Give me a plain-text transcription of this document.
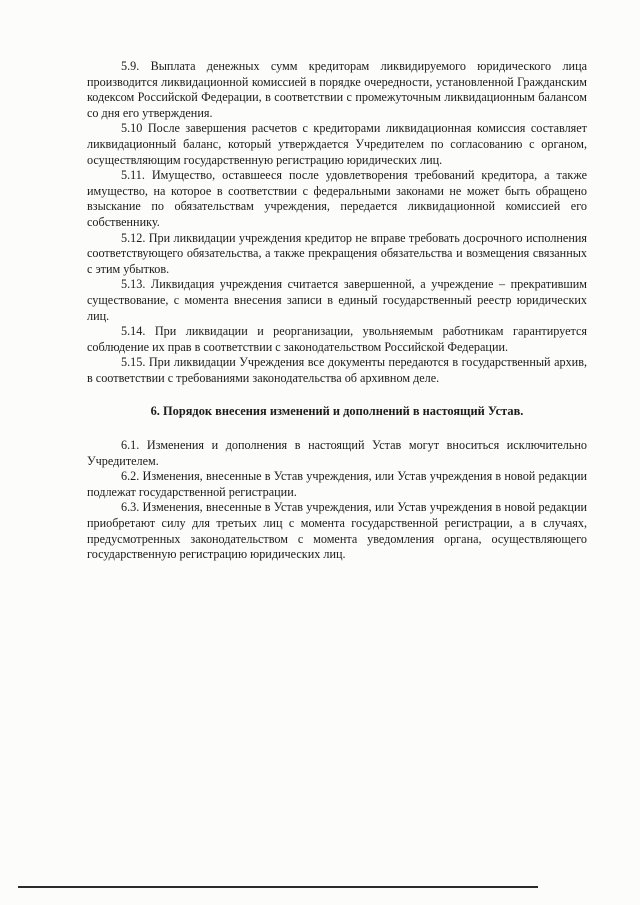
5.9. Выплата денежных сумм кредиторам ликвидируемого юридического лица производится ликвидационной комиссией в порядке очередности, установленной Гражданским кодексом Российской Федерации, в соответствии с промежуточным ликвидационным балансом со дня его утверждения.

5.10 После завершения расчетов с кредиторами ликвидационная комиссия составляет ликвидационный баланс, который утверждается Учредителем по согласованию с органом, осуществляющим государственную регистрацию юридических лиц.

5.11. Имущество, оставшееся после удовлетворения требований кредитора, а также имущество, на которое в соответствии с федеральными законами не может быть обращено взыскание по обязательствам учреждения, передается ликвидационной комиссией его собственнику.

5.12. При ликвидации учреждения кредитор не вправе требовать досрочного исполнения соответствующего обязательства, а также прекращения обязательства и возмещения связанных с этим убытков.

5.13. Ликвидация учреждения считается завершенной, а учреждение – прекратившим существование, с момента внесения записи в единый государственный реестр юридических лиц.

5.14. При ликвидации и реорганизации, увольняемым работникам гарантируется соблюдение их прав в соответствии с законодательством Российской Федерации.

5.15. При ликвидации Учреждения все документы передаются в государственный архив, в соответствии с требованиями законодательства об архивном деле.

6. Порядок внесения изменений и дополнений в настоящий Устав.

6.1. Изменения и дополнения в настоящий Устав могут вноситься исключительно Учредителем.

6.2. Изменения, внесенные в Устав учреждения, или Устав учреждения в новой редакции подлежат государственной регистрации.

6.3. Изменения, внесенные в Устав учреждения, или Устав учреждения в новой редакции приобретают силу для третьих лиц с момента государственной регистрации, а в случаях, предусмотренных законодательством с момента уведомления органа, осуществляющего государственную регистрацию юридических лиц.
